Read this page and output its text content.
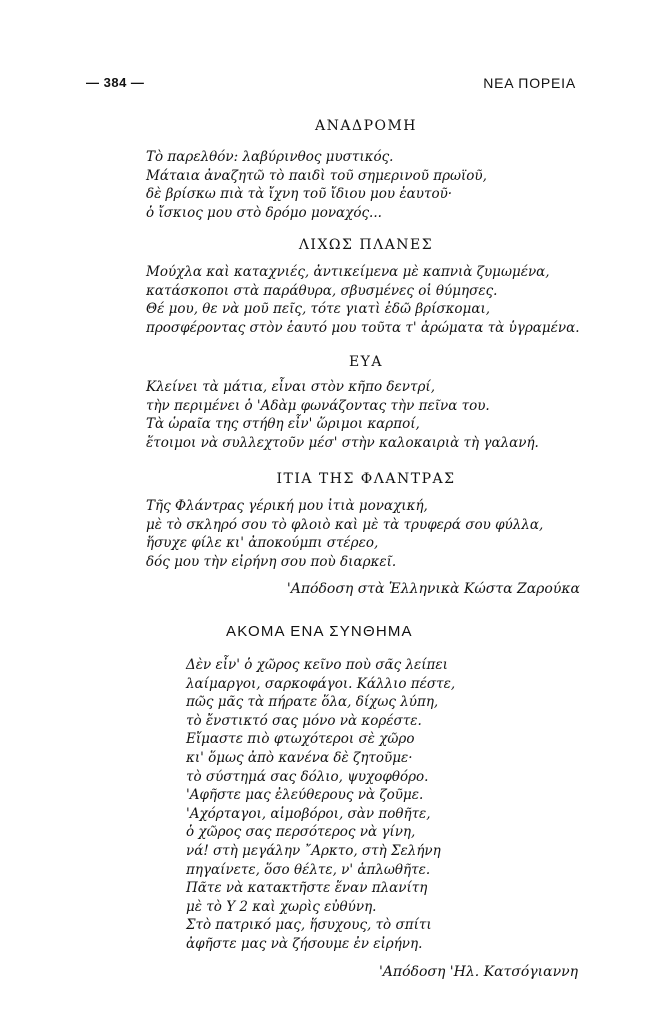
— 384 —	ΝΕΑ ΠΟΡΕΙΑ
ΑΝΑΔΡΟΜΗ
Τὸ παρελθόν: λαβύρινθος μυστικός.
Μάταια ἀναζητῶ τὸ παιδὶ τοῦ σημερινοῦ πρωϊοῦ,
δὲ βρίσκω πιὰ τὰ ἴχνη τοῦ ἴδιου μου ἑαυτοῦ·
ὁ ἴσκιος μου στὸ δρόμο μοναχός...
ΛΙΧΩΣ ΠΛΑΝΕΣ
Μούχλα καὶ καταχνιές, ἀντικείμενα μὲ καπνιὰ ζυμωμένα,
κατάσκοποι στὰ παράθυρα, σβυσμένες οἱ θύμησες.
Θέ μου, θε νὰ μοῦ πεῖς, τότε γιατὶ ἐδῶ βρίσκομαι,
προσφέροντας στὸν ἑαυτό μου τοῦτα τ' ἀρώματα τὰ ὑγραμένα.
ΕΥΑ
Κλείνει τὰ μάτια, εἶναι στὸν κῆπο δεντρί,
τὴν περιμένει ὁ 'Αδὰμ φωνάζοντας τὴν πεῖνα του.
Τὰ ὡραῖα της στήθη εἶν' ὥριμοι καρποί,
ἕτοιμοι νὰ συλλεχτοῦν μέσ' στὴν καλοκαιριὰ τὴ γαλανή.
ΙΤΙΑ ΤΗΣ ΦΛΑΝΤΡΑΣ
Τῆς Φλάντρας γέρική μου ἰτιὰ μοναχική,
μὲ τὸ σκληρό σου τὸ φλοιὸ καὶ μὲ τὰ τρυφερά σου φύλλα,
ἥσυχε φίλε κι' ἀποκούμπι στέρεο,
δός μου τὴν εἰρήνη σου ποὺ διαρκεῖ.
'Απόδοση στὰ Ἑλληνικὰ Κώστα Ζαρούκα
ΑΚΟΜΑ ΕΝΑ ΣΥΝΘΗΜΑ
Δὲν εἶν' ὁ χῶρος κεῖνο ποὺ σᾶς λείπει
λαίμαργοι, σαρκοφάγοι. Κάλλιο πέστε,
πῶς μᾶς τὰ πήρατε ὅλα, δίχως λύπη,
τὸ ἔνστικτό σας μόνο νὰ κορέστε.
Εἴμαστε πιὸ φτωχότεροι σὲ χῶρο
κι' ὅμως ἀπὸ κανένα δὲ ζητοῦμε·
τὸ σύστημά σας δόλιο, ψυχοφθόρο.
'Αφῆστε μας ἐλεύθερους νὰ ζοῦμε.
'Αχόρταγοι, αἱμοβόροι, σὰν ποθῆτε,
ὁ χῶρος σας περσότερος νὰ γίνη,
νά! στὴ μεγάλην ῎Αρκτο, στὴ Σελήνη
πηγαίνετε, ὅσο θέλτε, ν' ἁπλωθῆτε.
Πᾶτε νὰ κατακτῆστε ἕναν πλανίτη
μὲ τὸ Υ 2 καὶ χωρὶς εὐθύνη.
Στὸ πατρικό μας, ἥσυχους, τὸ σπίτι
ἀφῆστε μας νὰ ζήσουμε ἐν εἰρήνη.
'Απόδοση 'Ηλ. Κατσόγιαννη
